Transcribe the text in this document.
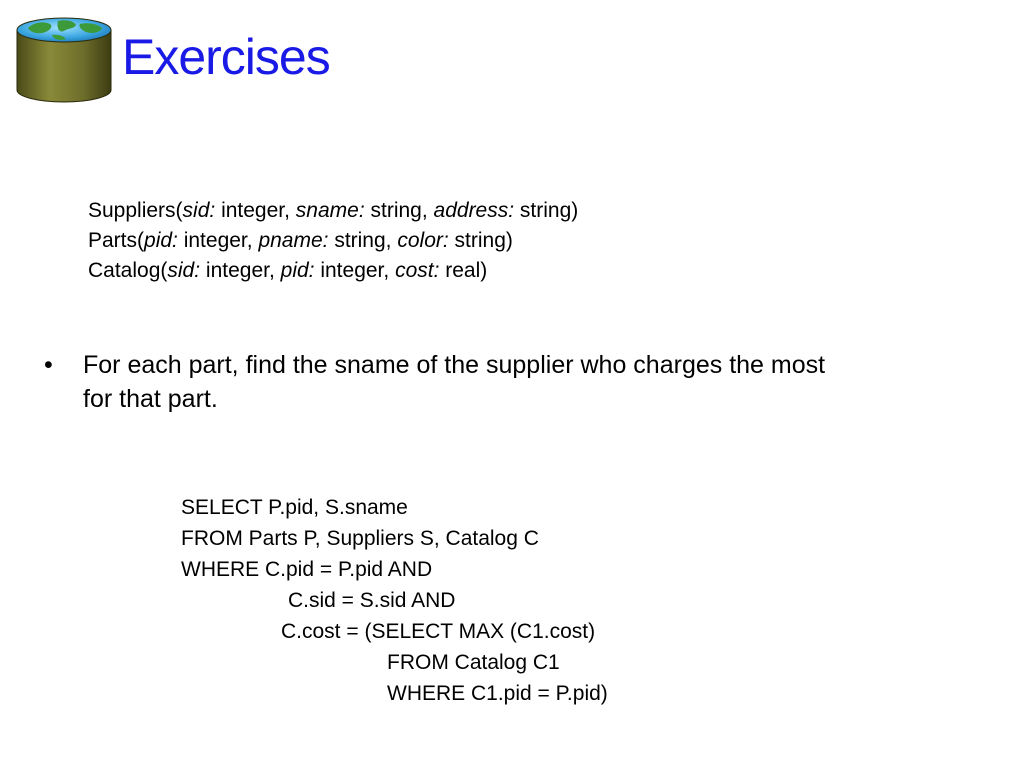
Exercises
Suppliers(sid: integer, sname: string, address: string)
Parts(pid: integer, pname: string, color: string)
Catalog(sid: integer, pid: integer, cost: real)
• For each part, find the sname of the supplier who charges the most
for that part.
SELECT P.pid, S.sname
FROM Parts P, Suppliers S, Catalog C
WHERE C.pid = P.pid AND
C.sid = S.sid AND
C.cost = (SELECT MAX (C1.cost)
FROM Catalog C1
WHERE C1.pid = P.pid)
